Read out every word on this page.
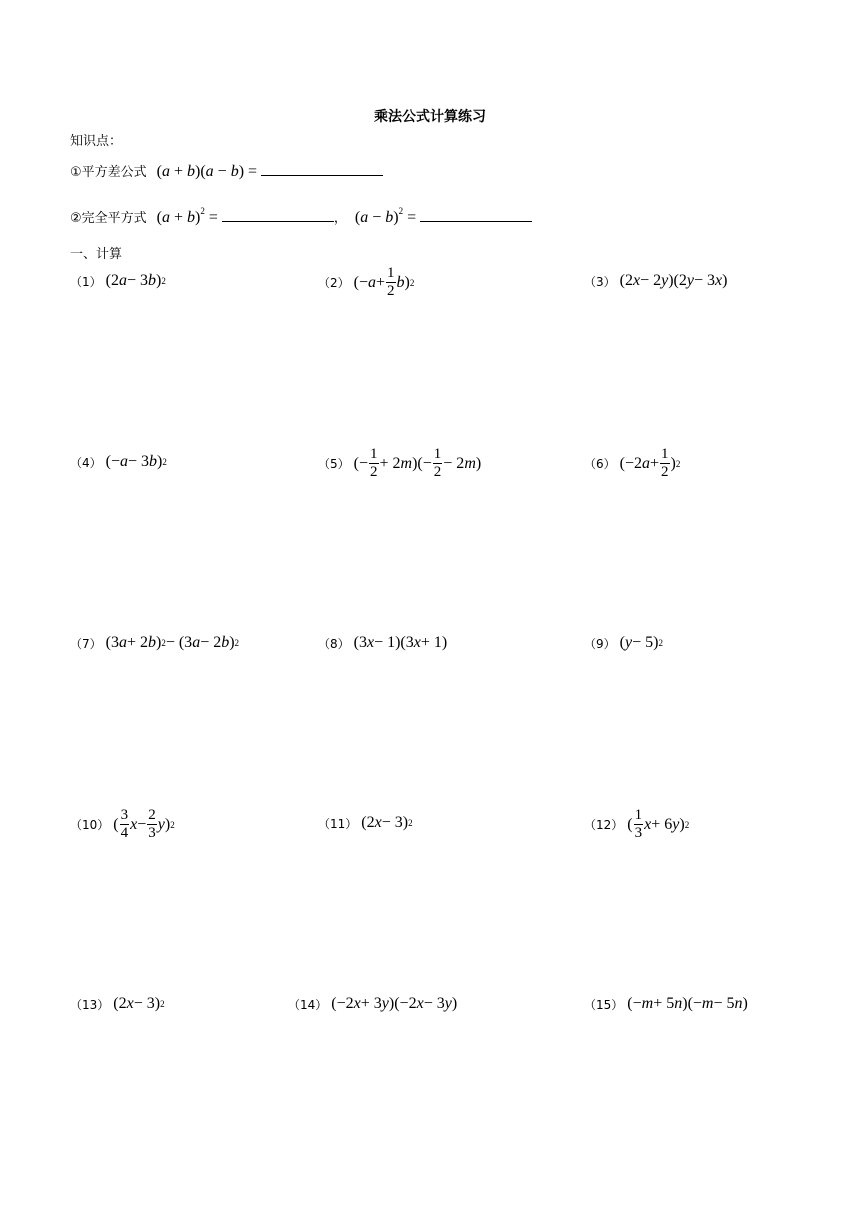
乘法公式计算练习
知识点：
①平方差公式 (a + b)(a − b) =
②完全平方式 $(a + b)^2$ =	， $(a - b)^2$ =
一、计算
（1） (2 a − 3 b ) 2	（2） (− $a + \frac{1}{2}$ b ) 2	（3） (2 x − 2 y )(2 y − 3 x )
（4） (− a − 3 b ) 2	（5） (− $\frac{1}{2} + 2$ m )(− $\frac{1}{2} - 2$ m )	（6） (−2 $a + \frac{1}{2}$ ) 2
（7） (3 a + 2 b ) 2 − (3 a − 2 b ) 2	（8） (3 x − 1)(3 x + 1)	（9） ( y − 5) 2
（10） ( $\frac{3}{4}$ $x - \frac{2}{3}$ y ) 2	（11） (2 x − 3) 2	（12） ( $\frac{1}{3}$ x + 6 y ) 2
（13） (2 x − 3) 2	（14） (−2 x + 3 y )(−2 x − 3 y )	（15） (− m + 5 n )(− m − 5 n )
